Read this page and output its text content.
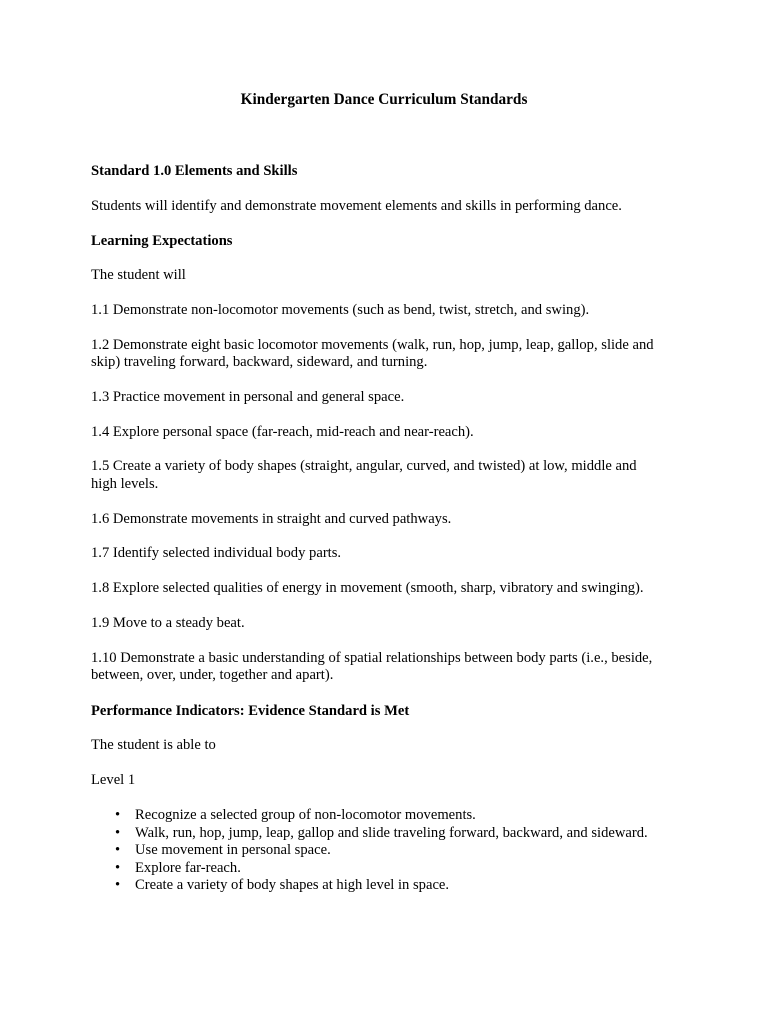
Kindergarten Dance Curriculum Standards
Standard 1.0 Elements and Skills
Students will identify and demonstrate movement elements and skills in performing dance.
Learning Expectations
The student will
1.1 Demonstrate non-locomotor movements (such as bend, twist, stretch, and swing).
1.2 Demonstrate eight basic locomotor movements (walk, run, hop, jump, leap, gallop, slide and
skip) traveling forward, backward, sideward, and turning.
1.3 Practice movement in personal and general space.
1.4 Explore personal space (far-reach, mid-reach and near-reach).
1.5 Create a variety of body shapes (straight, angular, curved, and twisted) at low, middle and
high levels.
1.6 Demonstrate movements in straight and curved pathways.
1.7 Identify selected individual body parts.
1.8 Explore selected qualities of energy in movement (smooth, sharp, vibratory and swinging).
1.9 Move to a steady beat.
1.10 Demonstrate a basic understanding of spatial relationships between body parts (i.e., beside,
between, over, under, together and apart).
Performance Indicators: Evidence Standard is Met
The student is able to
Level 1
• Recognize a selected group of non-locomotor movements.
• Walk, run, hop, jump, leap, gallop and slide traveling forward, backward, and sideward.
• Use movement in personal space.
• Explore far-reach.
• Create a variety of body shapes at high level in space.
